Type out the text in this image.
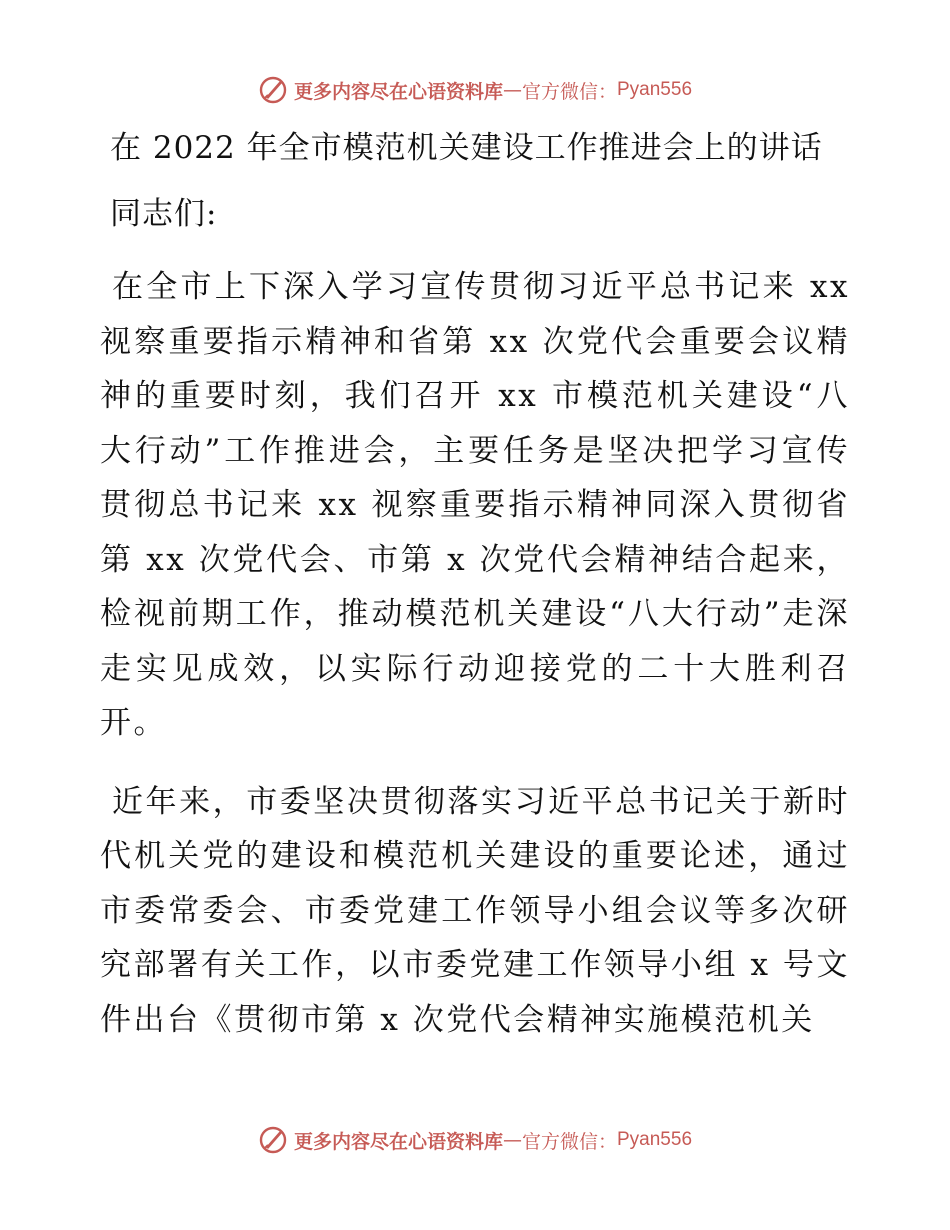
更多内容尽在心语资料库 — 官方微信： Pyan556
在 2022 年全市模范机关建设工作推进会上的讲话
同志们:

在全市上下深入学习宣传贯彻习近平总书记来 xx 视察重要指示精神和省第 xx 次党代会重要会议精神的重要时刻，我们召开 xx 市模范机关建设“八大行动”工作推进会，主要任务是坚决把学习宣传贯彻总书记来 xx 视察重要指示精神同深入贯彻省第 xx 次党代会、市第 x 次党代会精神结合起来，检视前期工作，推动模范机关建设“八大行动”走深走实见成效，以实际行动迎接党的二十大胜利召开。

近年来，市委坚决贯彻落实习近平总书记关于新时代机关党的建设和模范机关建设的重要论述，通过市委常委会、市委党建工作领导小组会议等多次研究部署有关工作，以市委党建工作领导小组 x 号文件出台《贯彻市第 x 次党代会精神实施模范机关

更多内容尽在心语资料库 — 官方微信： Pyan556
